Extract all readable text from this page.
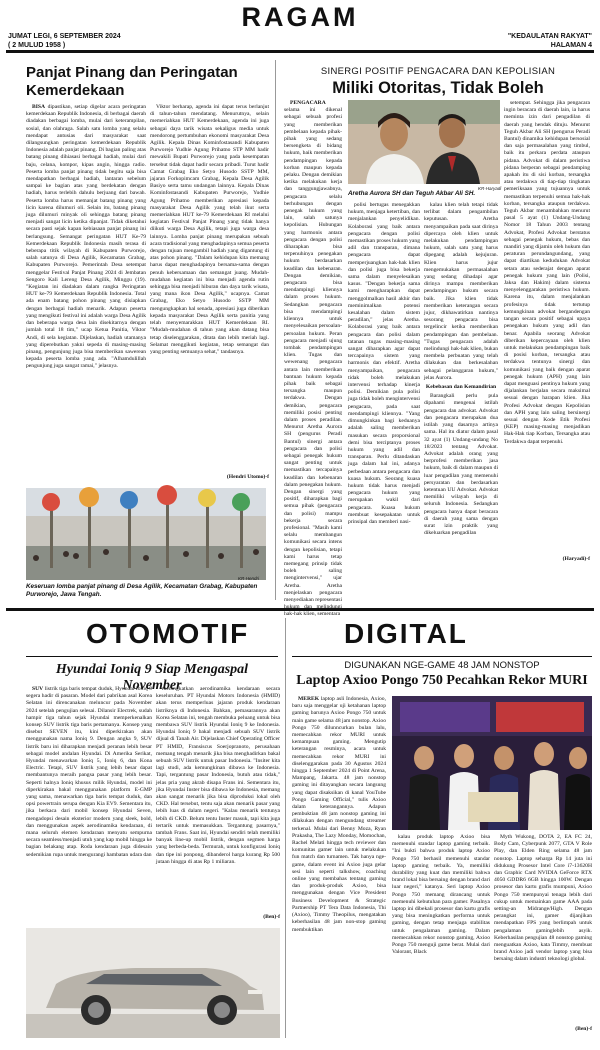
RAGAM
JUMAT LEGI, 6 SEPTEMBER 2024
( 2 MULUD 1958 )
"KEDAULATAN RAKYAT"
HALAMAN 4
Panjat Pinang dan Peringatan Kemerdekaan

BISA dipastikan, setiap digelar acara peringatan kemerdekaan Republik Indonesia, di berbagai daerah diadakan berbagai lomba, mulai dari keterampilan, sosial, dan olahraga. Salah satu lomba yang selalu mendapat antusias dari masyarakat saat dilangsungkan peringatan kemerdekaan Republik Indonesia adalah panjat pinang. Di bagian paling atas batang pinang dihiasasi berbagai hadiah, mulai dari baju, celana, kompor, kipas angin, hingga radio. Peserta lomba panjat pinang tidak begitu saja bisa mendapatkan berbagai hadiah, lantaran sebelum sampai ke bagian atas yang berdekatan dengan hadiah, harus terlebih dahulu berjuang dari bawah. Peserta lomba harus memanjat batang pinang yang licin karena dilumuri oli. Selain itu, batang pinang juga dilumuri minyak oli sehingga batang pinang menjadi sangat licin ketika dipanjat. Tidak diketahui secara pasti sejak kapan kebiasaan panjat pinang ini berlangsung. Semangat peringatan HUT Ke-79 Kemerdekaan Republik Indonesia masih terasa di beberapa titik wilayah di Kabupaten Purworejo, salah satunya di Desa Agilik, Kecamatan Grabag, Kabupaten Purworejo. Pemerintah Desa setempat menggelar Festival Panjat Pinang 2024 di Jembatan Sengoro Kali Lereng Desa Agilik, Minggu (19). "Kegiatan ini diadakan dalam rangka Peringatan HUT ke-79 Kemerdekaan Republik Indonesia. Total ada enam batang pohon pinang yang disiapkan dengan berbagai hadiah menarik. Adapun peserta yang mengikuti festival ini adalah warga Desa Agilik dan beberapa warga desa lain disekitarnya dengan jumlah total 18 tim," ucap Ketua Panitia, Viktor Andi, di sela kegiatan. Dijelaskan, hadiah utamanya yang diperebutkan yakni sepeda di masing-masing pinang, pengunjung juga bisa memberikan sawerean kepada peserta lomba yang ada. "Alhamdulillah pengunjung juga sangat ramai," jelasnya.

Viktor berharap, agenda ini dapat terus berlanjut di tahun-tahun mendatang. Menurutnya, selain memeriahkan HUT Kemerdekaan, agenda ini juga sebagai daya tarik wisata sekaligus media untuk mendorong pertumbuhan ekonomi masyarakat Desa Agilik. Kepala Dinas Kominfostasandi Kabupaten Purworejo Yudhie Agung Prihatno STP MM hadir mewakili Bupati Purworejo yang pada kesempatan tersebut tidak dapat hadir secara pribadi. Turut hadir Camat Grabag Eko Setyo Husodo SSTP MM, jajaran Forkopimcam Grabag, Kepala Desa Agilik Basiyo serta tamu undangan lainnya. Kepala Dinas Kominfostasandi Kabupaten Purworejo, Yudhie Agung Prihatno memberikan apresiasi kepada masyarakat Desa Agilik yang telah ikut serta memeriahkan HUT ke-79 Kemerdekaan RI melalui kegiatan Festival Panjat Pinang yang tidak hanya diikuti warga Desa Agilik, tetapi juga warga desa lainnya. Lomba panjat pinang merupakan sebuah acara tradisional yang menghadapinya semua peserta dengan tujuan mengambil hadiah yang digantung di atas pohon pinang. "Dalam kehidupan kita memang harus dapat menghadapinya bersama-sama dengan penuh kebersamaan dan semangat juang. Mudah-mudahan kegiatan ini bisa menjadi agenda rutin sehingga bisa menjadi hiburan dan daya tarik wisata, yang mana ikon Desa Agilik," ucapnya. Camat Grabag, Eko Setyo Husodo SSTP MM mengungkapkan hal senada, apresiasi juga diberikan kepada masyarakat Desa Agilik serta panitia yang telah menyemarakkan HUT Kemerdekaan RI. "Mudah-mudahan di tahun yang akan datang bisa tetap diselenggarakan, ditata dan lebih meriah lagi. Selamat menggikuti kegiatan, tetap semangat dan yang penting semuanya sehat," tandasnya.

(Hendri Utomo)-f
KR-Hendri
Keseruan lomba panjat pinang di Desa Agilik, Kecamatan Grabag, Kabupaten Purworejo, Jawa Tengah.
SINERGI POSITIF PENGACARA DAN KEPOLISIAN
Miliki Otoritas, Tidak Boleh

PENGACARA selama ini dikenal sebagai sebuah profesi yang memberikan pembelaan kepada pihak-pihak yang sedang bersengketa di bidang hukum, baik memberikan pendampingan kepada korban maupun kepada pelaku. Dengan demikian ketika melakukan kerja dan tanggungjawabnya, pengacara selalu berhubungan dengan penegak hukum yang lain, salah satunya kepolisian. Hubungan yang harmonis antara pengacara dengan polisi diharapkan bisa terpenuhinya penegakan hukum berdasarkan keadilan dan kebenaran. Dengan demikian, pengacara bisa mendampingi kliennya dalam proses hukum. Sedangkan pengacara bisa mendampingi kliennya untuk menyelesaikan persoalan-persoalan hukum. Peran pengacara menjadi ujung tombak pendampingan klien. Tugas dan wewenang pengacara antara lain memberikan bantuan hukum kepada pihak baik sebagai tersangka maupun terdakwa. Dengan demikian, pengacara memiliki posisi penting dalam proses peradilan. Menurut Aretha Aurora SH (pengurus Peradi Bantul) sinergi antara pengacara dan polisi sebagai penegak hukum sangat penting untuk memastikan tercapainya keadilan dan kebenaran dalam penegakan hukum. Dengan sinergi yang positif, diharapkan bagi semua pihak (pengacara dan polisi) mampu bekerja secara profesional. "Masih kami selalu membangun komunikasi secara intens dengan kepolisian, tetapi kami harus tetap memegang prinsip tidak boleh saling mengintervensi," ujar Aretha. Aretha menjelaskan pengacara menyediakan representasi hak-hak klien, sementara

KR-Haryadi
Aretha Aurora SH dan Teguh Akbar Ali SH.

polisi bertugas menegakkan hukum, menjaga ketertiban, dan menjalankan penyelidikan. Kolaborasi yang baik antara pengacara dengan polisi memastikan proses hukum yang adil dan transparan, dimana pengacara dapat memperjuangkan hak-hak klien dan polisi juga bisa bekerja sama dalam menyelesaikan kasus. "Dengan bekerja sama kami mengharapkan dapat menggolmalkan hasil akhir dan meminimalkan potensi kesalahan dalam sistem peradilan," jelas Aretha. Kolaborasi yang baik antara pengacara dan polisi dalam tatanan tugas masing-masing sangat diharapkan agar dapat tercapainya sistem yang harmonis dan efektif. Aretha menyampaikan, pengacara tidak boleh melakukan intervensi terhadap kinerja polisi. Demikian pula polisi juga tidak boleh mengintervensi pengacara, pada saat mendampingi kliennya. "Yang dimungkinkan bagi keduanya adalah saling memberikan masukan secara proporsional demi bisa terciptanya proses hukum yang adil dan transparan. Perlu ditandaskan juga dalam hal ini, adanya perbedaan antara pengacara dan kuasa hukum. Seorang kuasa hukum tidak harus menjadi pengacara hukum yang merupakan wakil dari pengacara. Kuasa hukum membuat kesepakatan untuk prinsipal dan memberi nasi-

kalau klien telah tetapi tidak terlibat dalam pengambilan keputusan. Aretha menyampaikan pada saat dirinya dipercaya oleh klien untuk melakukan pendampingan hukum, salah satu yang harus dipegang adalah kejujuran. Klien harus jujur mengemukakan permasalahan yang sedang dihadapi agar dirinya mampu memberikan pendampingan hukum secara baik. Jika klien tidak memberikan keterangan secara jujur, dikhawatirkan nantinya sesorang pengacara bisa tergelincir ketika memberikan pendampingan dan pembelaan. "Tugas pengacara adalah melindungi hak-hak klien, bukan membela perbuatan yang telah dilakukan dan berkesalahan sebagai pelanggaran hukum," jelas Aurora.

Kebebasan dan Kemandirian

Barangkali perlu pula dipahami mengenai istilah pengacara dan advokat. Advokat dan pengacara merupakan dua istilah yang dasarnya artinya sama. Hal itu diatur dalam pasal 32 ayat (1) Undang-undang No 18/2023 tentang Advokat. Advokat adalah orang yang berprofesi memberikan jasa hukum, baik di dalam maupun di luar pengadilan yang memenuhi persyaratan dan berdasarkan ketentuan UU Advokat. Advokat memiliki wilayah kerja di seluruh Indonesia. Sedangkan pengacara hanya dapat beracara di daerah yang sama dengan surat izin praktik yang dikeluarkan pengadilan

setempat. Sehingga jika pengacara ingin beracara di daerah lain, ia harus meminta izin dari pengadilan di daerah yang hendak dituju. Menurut Teguh Akbar Ali SH (pengurus Peradi Bantul) dinamika kehidupan bersosial dan saja permasalahan yang timbul, baik itu perkara perdata ataupun pidana. Advokat di dalam peristiwa pidana berperan sebagai pendamping apakah itu di sisi korban, tersangka atau terdakwa di tiap-tiap tingkatan pemeriksaan yang tujuannya untuk memastikan terpenuhi semua hak-hak korban, tersangka ataupun terdakwa. Teguh Akbar menambahkan menurut pasal 5 ayat (1) Undang-Undang Nomor 18 Tahun 2003 tentang Advokat, Profesi Advokat berstatus sebagai penegak hukum, bebas dan mandiri yang dijamin oleh hukum dan peraturan perundangundang, yang dapat diartikan kedudukan Advokat setara atau sederajat dengan aparat penegak hukum yang lain (Polisi, Jaksa dan Hakim) dalam sistema menyelenggarakan peristiwa hukum. Karena itu, dalam menjalankan profesinya tidak tertutup kemungkinan advokat bergandengan tangan secara positif sebagai upaya penegakan hukum yang adil dan benar. Apabila seorang Advokat diberikan kepercayaan oleh klien untuk melakukan pendampingan baik di posisi korban, tersangka atau terdakwa tentunya sinergi dan komunikasi yang baik dengan aparat penegak hukum (APH) yang lain dapat menguasi pentinya hukum yang dijalankan berjalan secara maksimal sesuai dengan harapan klien. Jika Profesi Advokat dengan Kepolisian dan APH yang lain saling bersinergi sesuai dengan Kode Etik Profesi (KEP) masing-masing menjadikan Hak-Hak tiap Korban, Tersangka atau Terdakwa dapat terpenuhi.

(Haryadi)-f
OTOMOTIF
Hyundai Ioniq 9 Siap Mengaspal November

SUV listrik tiga baris tempat duduk, Hyundai Ioniq 9 segera hadir di pasaran. Model dari pabrikan asal Korea Selatan ini direncanakan meluncur pada November 2024 setelah pengujian selesai. Dilansir Electrek, sudah hampir tiga tahun sejak Hyundai memperkenalkan konsep SUV listrik tiga baris pertamanya. Konsep yang disebut SEVEN itu, kini diperkirakan akan menggunakan nama Ioniq 9. Dengan angka 9, SUV listrik baru ini diharapkan menjadi peranan lebih besar sebagai model andalan Hyundai. Di Amerika Serikat, Hyundai menawarkan Ioniq 5, Ioniq 6, dan Kona Electric. Tetapi, SUV listrik yang lebih besar dapat membantunya meraih pangsa pasar yang lebih besar. Seperti halnya Ioniq khusus milik Hyundai, model ini diperkirakan bakal menggunakan platform E-GMP yang sama, menawarkan tiga baris tempat duduk, dan opsi powertrain serupa dengan Kia EV9. Sementara itu, jika berkaca dari mobil konsep Hyundai Seven, mengadopsi desain eksterior modern yang sleek, bold, dan menggunakan aspek aerodinamika kendaraan, di mana seluruh elemen kendaraan menyatu sempurna secara seamless/menjadi utuh yang kap mobil hingga ke bagian belakang atap. Roda kendaraan juga didesain sedemikian rupa untuk mengurangi hambatan udara dan

meningkatkan aerodinamika kendaraan secara keseluruhan. PT Hyundai Motors Indonesia (HMID) akan terus memperluas jajaran produk kendaraan listriknya di Indonesia. Bahkan, pemasarannya akan Korea Selatan ini, tengah membuka peluang untuk bisa membawa SUV listrik Hyundai Ioniq 9 ke Indonesia. Hyundai Ioniq 9 bakal menjadi sebuah SUV listrik dijual di Tanah Air. Dijelaskan Chief Operating Officer PT HMID, Fransiscus Soerjopranoto, perusahaan memang tengah menarik jika bisa menghadirkan bakal sebuah SUV listrik untuk pasar Indonesia. "Insiter kita lagi studi, ada kemungkinan dibawa ke Indonesia. Tapi, tergantung pasar Indonesia, butuh atau tidak," jelas pria yang akrab disapa Frans ini. Sementara itu, jika Hyundai Inster bisa dibawa ke Indonesia, memang akan sangat menarik jika bisa diproduksi lokal oleh CKD. Hal tersebut, tentu saja akan menarik pasar yang lebih luas di dalam negeri. "Kalau menarik tentunya lebih di CKD. Belum tentu Inster masuk, tapi kita juga tertarik untuk memasukkan. Tergantung pasarnya," tambah Frans. Saat ini, Hyundai sendiri telah memiliki banyak line-up mobil listrik, dengan segmen harga yang berbeda-beda. Termurah, untuk konfigurasi Ioniq dan tipe ini ponpong, dibanderol harga kurang Rp 500 jutaan hingga di atas Rp 1 miliaran.

(Ben)-f
DIGITAL
DIGUNAKAN NGE-GAME 48 JAM NONSTOP
Laptop Axioo Pongo 750 Pecahkan Rekor MURI

MEREK laptop asli Indonesia, Axioo, baru saja menggelar uji ketahanan laptop gaming barunya Axioo Pongo 750 untuk main game selama 48 jam nonstop. Axioo Pongo 750 dilunncurkan bulan lalu, memecahkan rekor MURI untuk kemampuan gaming. Mengutip keterangan resminya, acara untuk memecahkan rekor MURI ini diselenggarakan pada 30 Agustus 2024 hingga 1 September 2024 di Point Arena, Mampang, Jakarta. 48 jam nonstop gaming ini ditayangkan secara langsung yang dapat disaksikan di kanal YouTube Pongo Gaming Official," tulis Axioo dalam keterangannya. Adapun pembuktian 48 jam nonstop gaming ini dilakukan dengan mengundang streamer terkenal. Mulai dari Benny Moza, Ryan Prakasha, The Lazy Monday, Momochan, Rachel Melati hingga tech reviewer dan komunitas gamer lain untuk melakukan fun match dan turnamen. Tak hanya nge-game, dalam event ini Axioo juga gelar sesi lain seperti talkshow, coaching online yang membahas tentang gaming dan produk-produk Axioo, bisa menggunakan dengan Vice President Business Development & Strategic Partnership PT Tera Data Indonesia, Thi (Axioo), Timmy Theopilus, mengatakan keberhasilan 48 jam non-stop gaming membuktikan

kalau produk laptop Axioo bisa memenuhi standar laptop gaming terbaik. "Ini bukti bahwa produk laptop Axioo Pongo 750 berhasil memenuhi standar laptop gaming terbaik. Ya, memiliki durability yang kuat dan memiliki bahwa brand lokal bisa bersaing dengan brand dari luar negeri," katanya. Seri laptop Axioo Pongo 750 memang dirancang untuk memenuhi kebutuhan para gamer. Pasalnya laptop ini dibekali prosesor dan kartu grafis yang bisa meningkatkan performa untuk gaming, dengan tetap menjaga stabilitas untuk pengalaman gaming. Dalam memecahkan rekor nonstop gaming, Axioo Pongo 750 menguji game berat. Mulai dari Valorant, Black

Myth Wukong, DOTA 2, EA FC 24, Body Cam, Cyberpunk 2077, GTA V Role Play, dan Elden Ring selama 48 jam nonstop. Laptop seharga Rp 14 juta ini didukung Prosesor Intel Core i7-13620H dan Graphic Card NVIDIA GeForce RTX 4050 GDDR6 6GB hingga 100W. Dengan prosesor dan kartu grafis mumpuni, Axioo Pongo 750 mempunyai tenaga lebih dari cukup untuk memainkan game AAA pada setting-an Midrange/High. Dengan perangkat ini, gamer dijanjikan mendapatkan FPS yang berlimpah untuk pengalaman gaminglebih asyik. Keberhasilan pengujian 48 nonstop gaming menguatkan Axioo, kata Timmy, membuat brand Axioo jadi vendor laptop yang bisa bersaing dalam industri teknologi global.

(Ben)-f
